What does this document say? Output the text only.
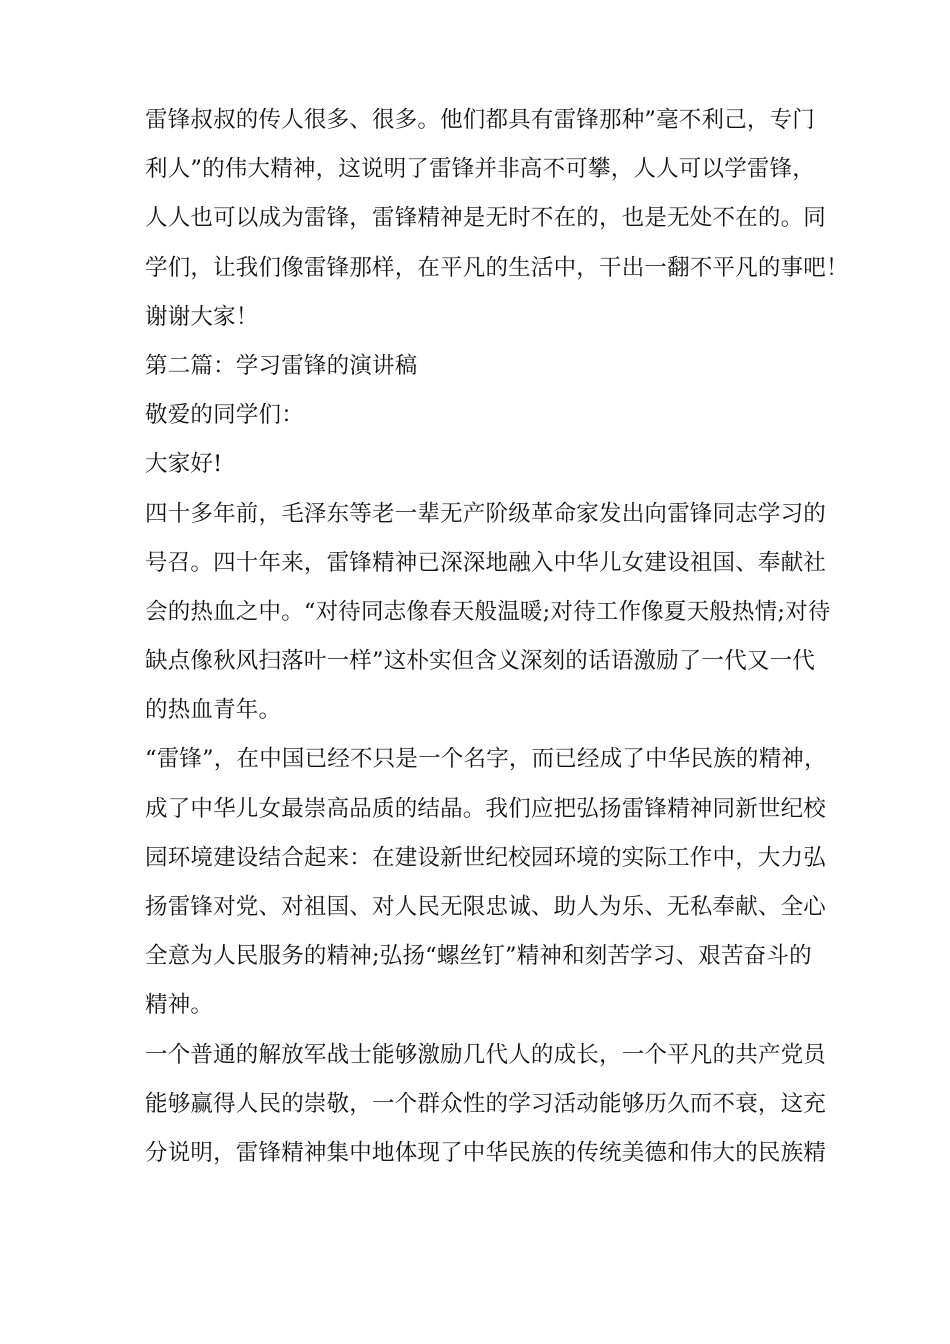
雷锋叔叔的传人很多、很多。他们都具有雷锋那种”毫不利己，专门
利人”的伟大精神，这说明了雷锋并非高不可攀，人人可以学雷锋，
人人也可以成为雷锋，雷锋精神是无时不在的，也是无处不在的。同
学们，让我们像雷锋那样，在平凡的生活中，干出一翻不平凡的事吧！
谢谢大家！
第二篇：学习雷锋的演讲稿
敬爱的同学们：
大家好!
四十多年前，毛泽东等老一辈无产阶级革命家发出向雷锋同志学习的
号召。四十年来，雷锋精神已深深地融入中华儿女建设祖国、奉献社
会的热血之中。“对待同志像春天般温暖;对待工作像夏天般热情;对待
缺点像秋风扫落叶一样”这朴实但含义深刻的话语激励了一代又一代
的热血青年。
“雷锋”，在中国已经不只是一个名字，而已经成了中华民族的精神，
成了中华儿女最崇高品质的结晶。我们应把弘扬雷锋精神同新世纪校
园环境建设结合起来：在建设新世纪校园环境的实际工作中，大力弘
扬雷锋对党、对祖国、对人民无限忠诚、助人为乐、无私奉献、全心
全意为人民服务的精神;弘扬“螺丝钉”精神和刻苦学习、艰苦奋斗的
精神。
一个普通的解放军战士能够激励几代人的成长，一个平凡的共产党员
能够赢得人民的崇敬，一个群众性的学习活动能够历久而不衰，这充
分说明，雷锋精神集中地体现了中华民族的传统美德和伟大的民族精
